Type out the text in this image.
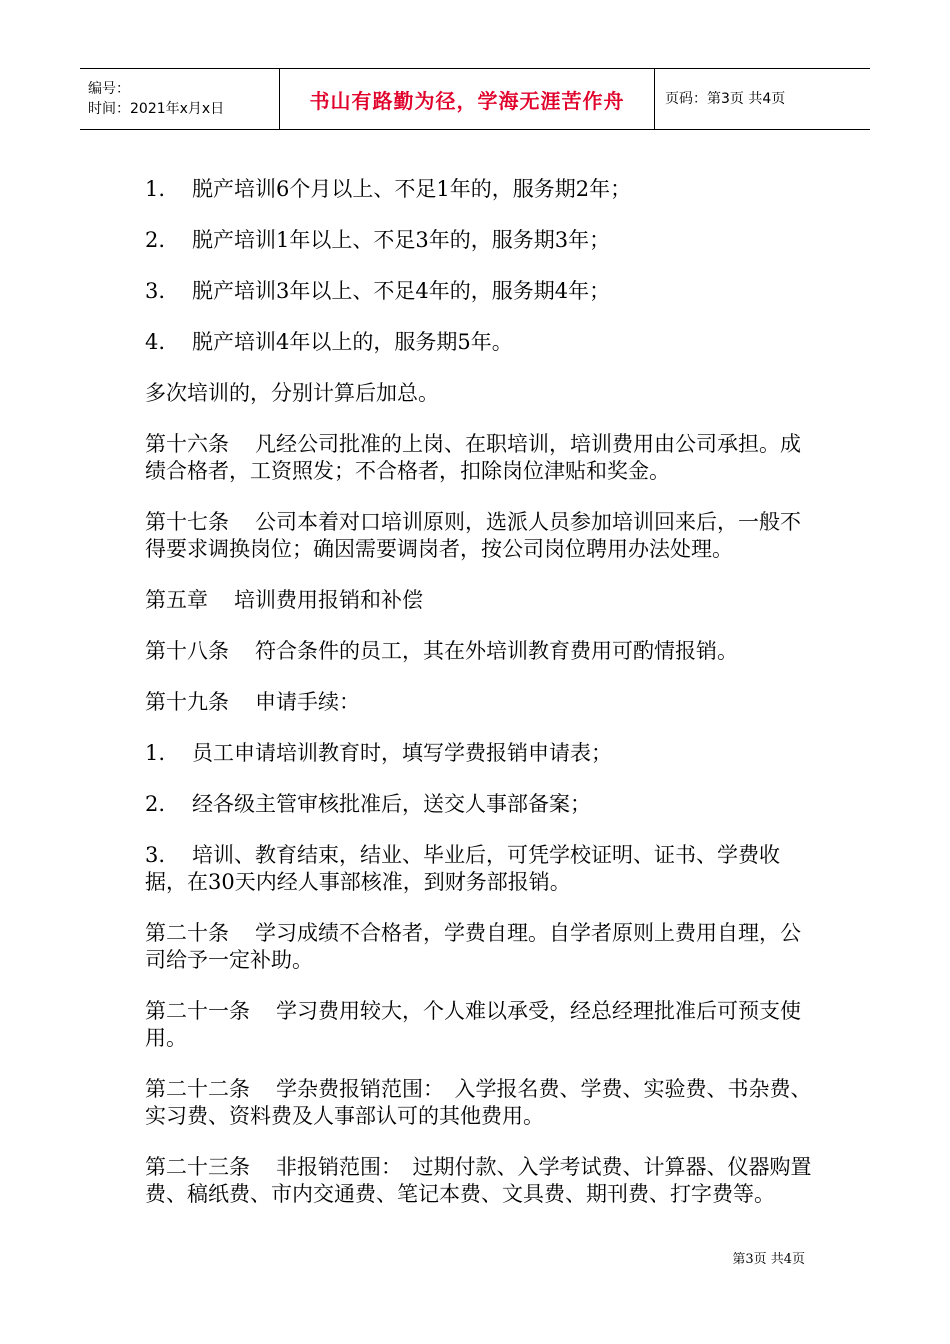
编号：
时间：2021年x月x日	书山有路勤为径，学海无涯苦作舟	页码：第3页 共4页

1. 脱产培训6个月以上、不足1年的，服务期2年；

2. 脱产培训1年以上、不足3年的，服务期3年；

3. 脱产培训3年以上、不足4年的，服务期4年；

4. 脱产培训4年以上的，服务期5年。

多次培训的，分别计算后加总。

第十六条 凡经公司批准的上岗、在职培训，培训费用由公司承担。成绩合格者，工资照发；不合格者，扣除岗位津贴和奖金。

第十七条 公司本着对口培训原则，选派人员参加培训回来后，一般不得要求调换岗位；确因需要调岗者，按公司岗位聘用办法处理。

第五章 培训费用报销和补偿

第十八条 符合条件的员工，其在外培训教育费用可酌情报销。

第十九条 申请手续：

1. 员工申请培训教育时，填写学费报销申请表；

2. 经各级主管审核批准后，送交人事部备案；

3. 培训、教育结束，结业、毕业后，可凭学校证明、证书、学费收据，在30天内经人事部核准，到财务部报销。

第二十条 学习成绩不合格者，学费自理。自学者原则上费用自理，公司给予一定补助。

第二十一条 学习费用较大，个人难以承受，经总经理批准后可预支使用。

第二十二条 学杂费报销范围：　入学报名费、学费、实验费、书杂费、实习费、资料费及人事部认可的其他费用。

第二十三条 非报销范围：　过期付款、入学考试费、计算器、仪器购置费、稿纸费、市内交通费、笔记本费、文具费、期刊费、打字费等。

第3页 共4页
